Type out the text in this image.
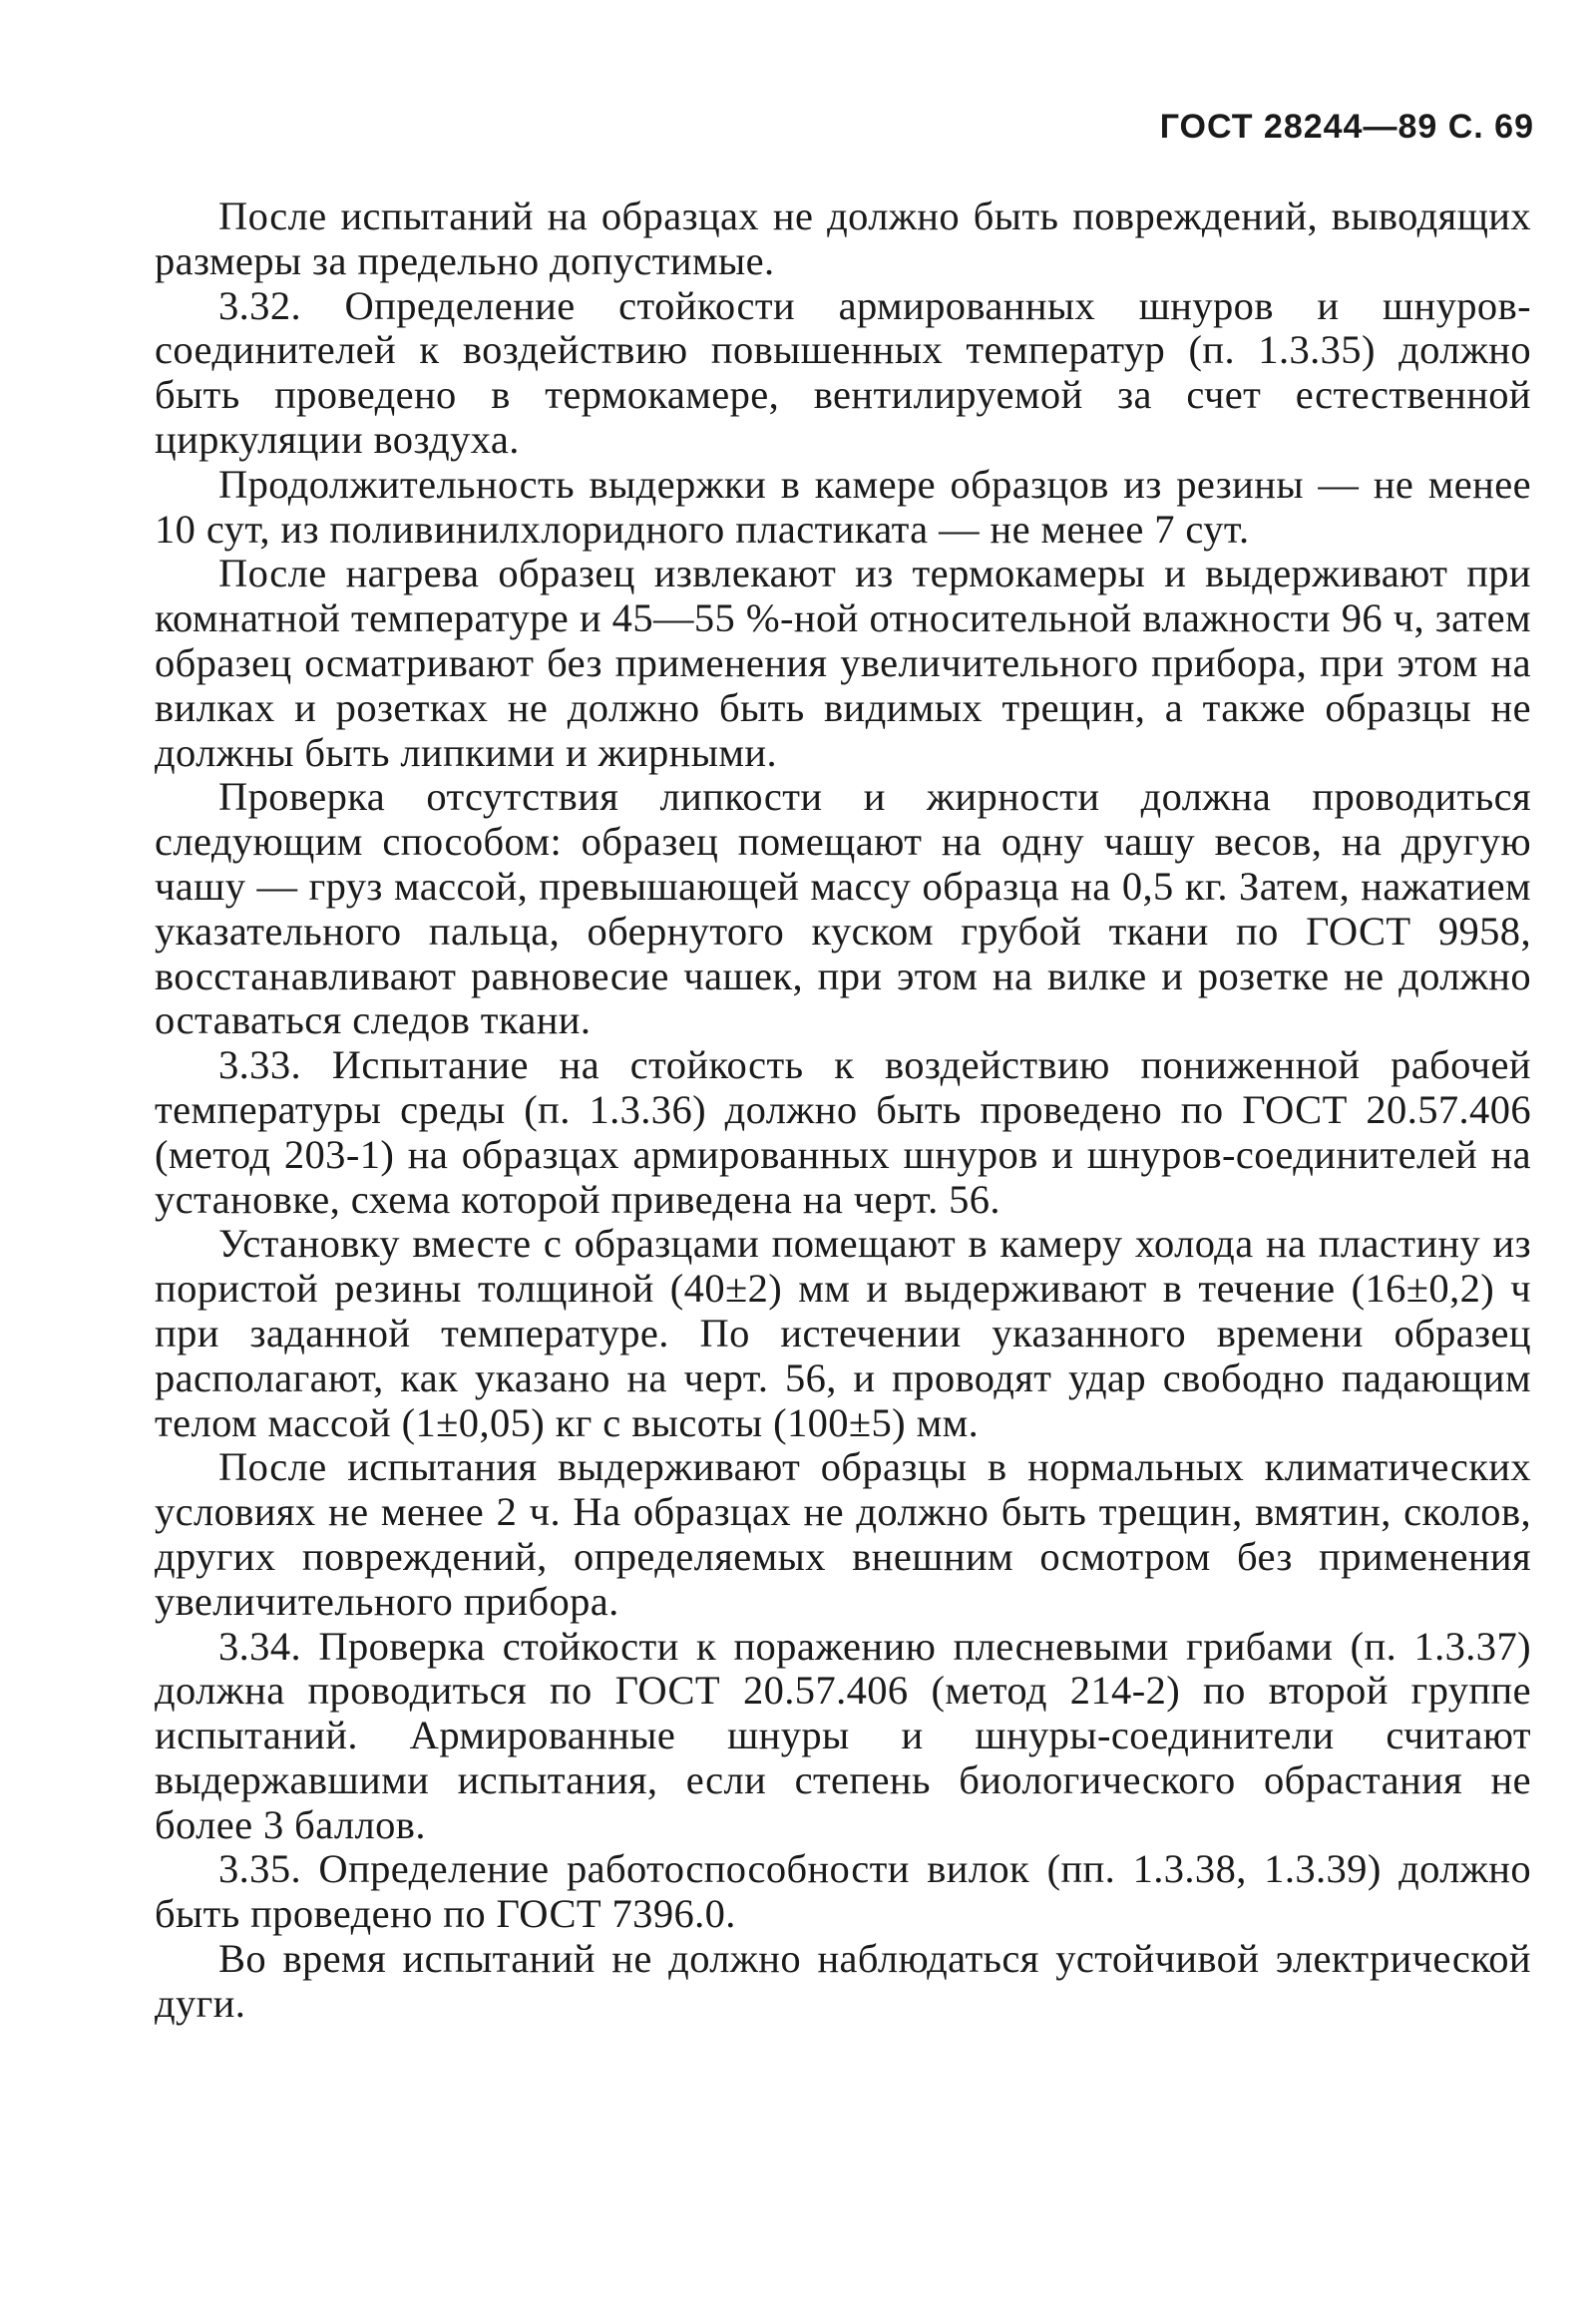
ГОСТ 28244—89 С. 69

После испытаний на образцах не должно быть повреждений, выводящих размеры за предельно допустимые.

3.32. Определение стойкости армированных шнуров и шнуров-соединителей к воздействию повышенных температур (п. 1.3.35) должно быть проведено в термокамере, вентилируемой за счет естественной циркуляции воздуха.

Продолжительность выдержки в камере образцов из резины — не менее 10 сут, из поливинилхлоридного пластиката — не менее 7 сут.

После нагрева образец извлекают из термокамеры и выдерживают при комнатной температуре и 45—55 %-ной относительной влажности 96 ч, затем образец осматривают без применения увеличительного прибора, при этом на вилках и розетках не должно быть видимых трещин, а также образцы не должны быть липкими и жирными.

Проверка отсутствия липкости и жирности должна проводиться следующим способом: образец помещают на одну чашу весов, на другую чашу — груз массой, превышающей массу образца на 0,5 кг. Затем, нажатием указательного пальца, обернутого куском грубой ткани по ГОСТ 9958, восстанавливают равновесие чашек, при этом на вилке и розетке не должно оставаться следов ткани.

3.33. Испытание на стойкость к воздействию пониженной рабочей температуры среды (п. 1.3.36) должно быть проведено по ГОСТ 20.57.406 (метод 203-1) на образцах армированных шнуров и шнуров-соединителей на установке, схема которой приведена на черт. 56.

Установку вместе с образцами помещают в камеру холода на пластину из пористой резины толщиной (40±2) мм и выдерживают в течение (16±0,2) ч при заданной температуре. По истечении указанного времени образец располагают, как указано на черт. 56, и проводят удар свободно падающим телом массой (1±0,05) кг с высоты (100±5) мм.

После испытания выдерживают образцы в нормальных климатических условиях не менее 2 ч. На образцах не должно быть трещин, вмятин, сколов, других повреждений, определяемых внешним осмотром без применения увеличительного прибора.

3.34. Проверка стойкости к поражению плесневыми грибами (п. 1.3.37) должна проводиться по ГОСТ 20.57.406 (метод 214-2) по второй группе испытаний. Армированные шнуры и шнуры-соединители считают выдержавшими испытания, если степень биологического обрастания не более 3 баллов.

3.35. Определение работоспособности вилок (пп. 1.3.38, 1.3.39) должно быть проведено по ГОСТ 7396.0.

Во время испытаний не должно наблюдаться устойчивой электрической дуги.
